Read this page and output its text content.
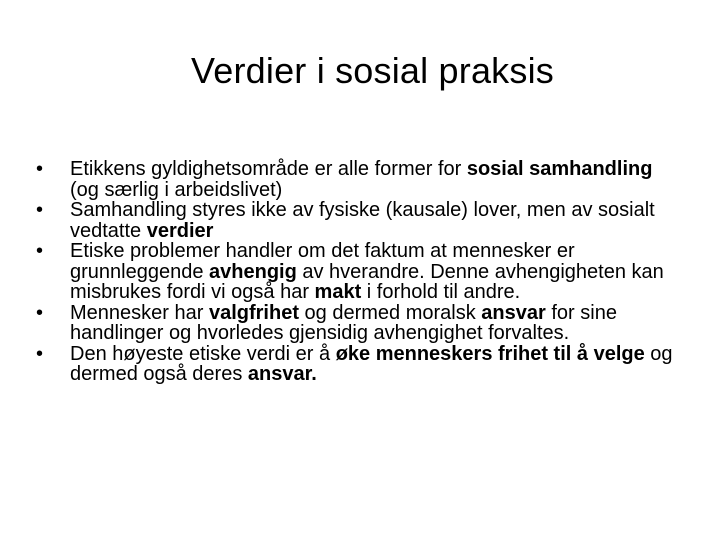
Verdier i sosial praksis
•	Etikkens gyldighetsområde er alle former for sosial samhandling (og særlig i arbeidslivet)
•	Samhandling styres ikke av fysiske (kausale) lover, men av sosialt vedtatte verdier
•	Etiske problemer handler om det faktum at mennesker er grunnleggende avhengig av hverandre. Denne avhengigheten kan misbrukes fordi vi også har makt i forhold til andre.
•	Mennesker har valgfrihet og dermed moralsk ansvar for sine handlinger og hvorledes gjensidig avhengighet forvaltes.
•	Den høyeste etiske verdi er å øke menneskers frihet til å velge og dermed også deres ansvar.
